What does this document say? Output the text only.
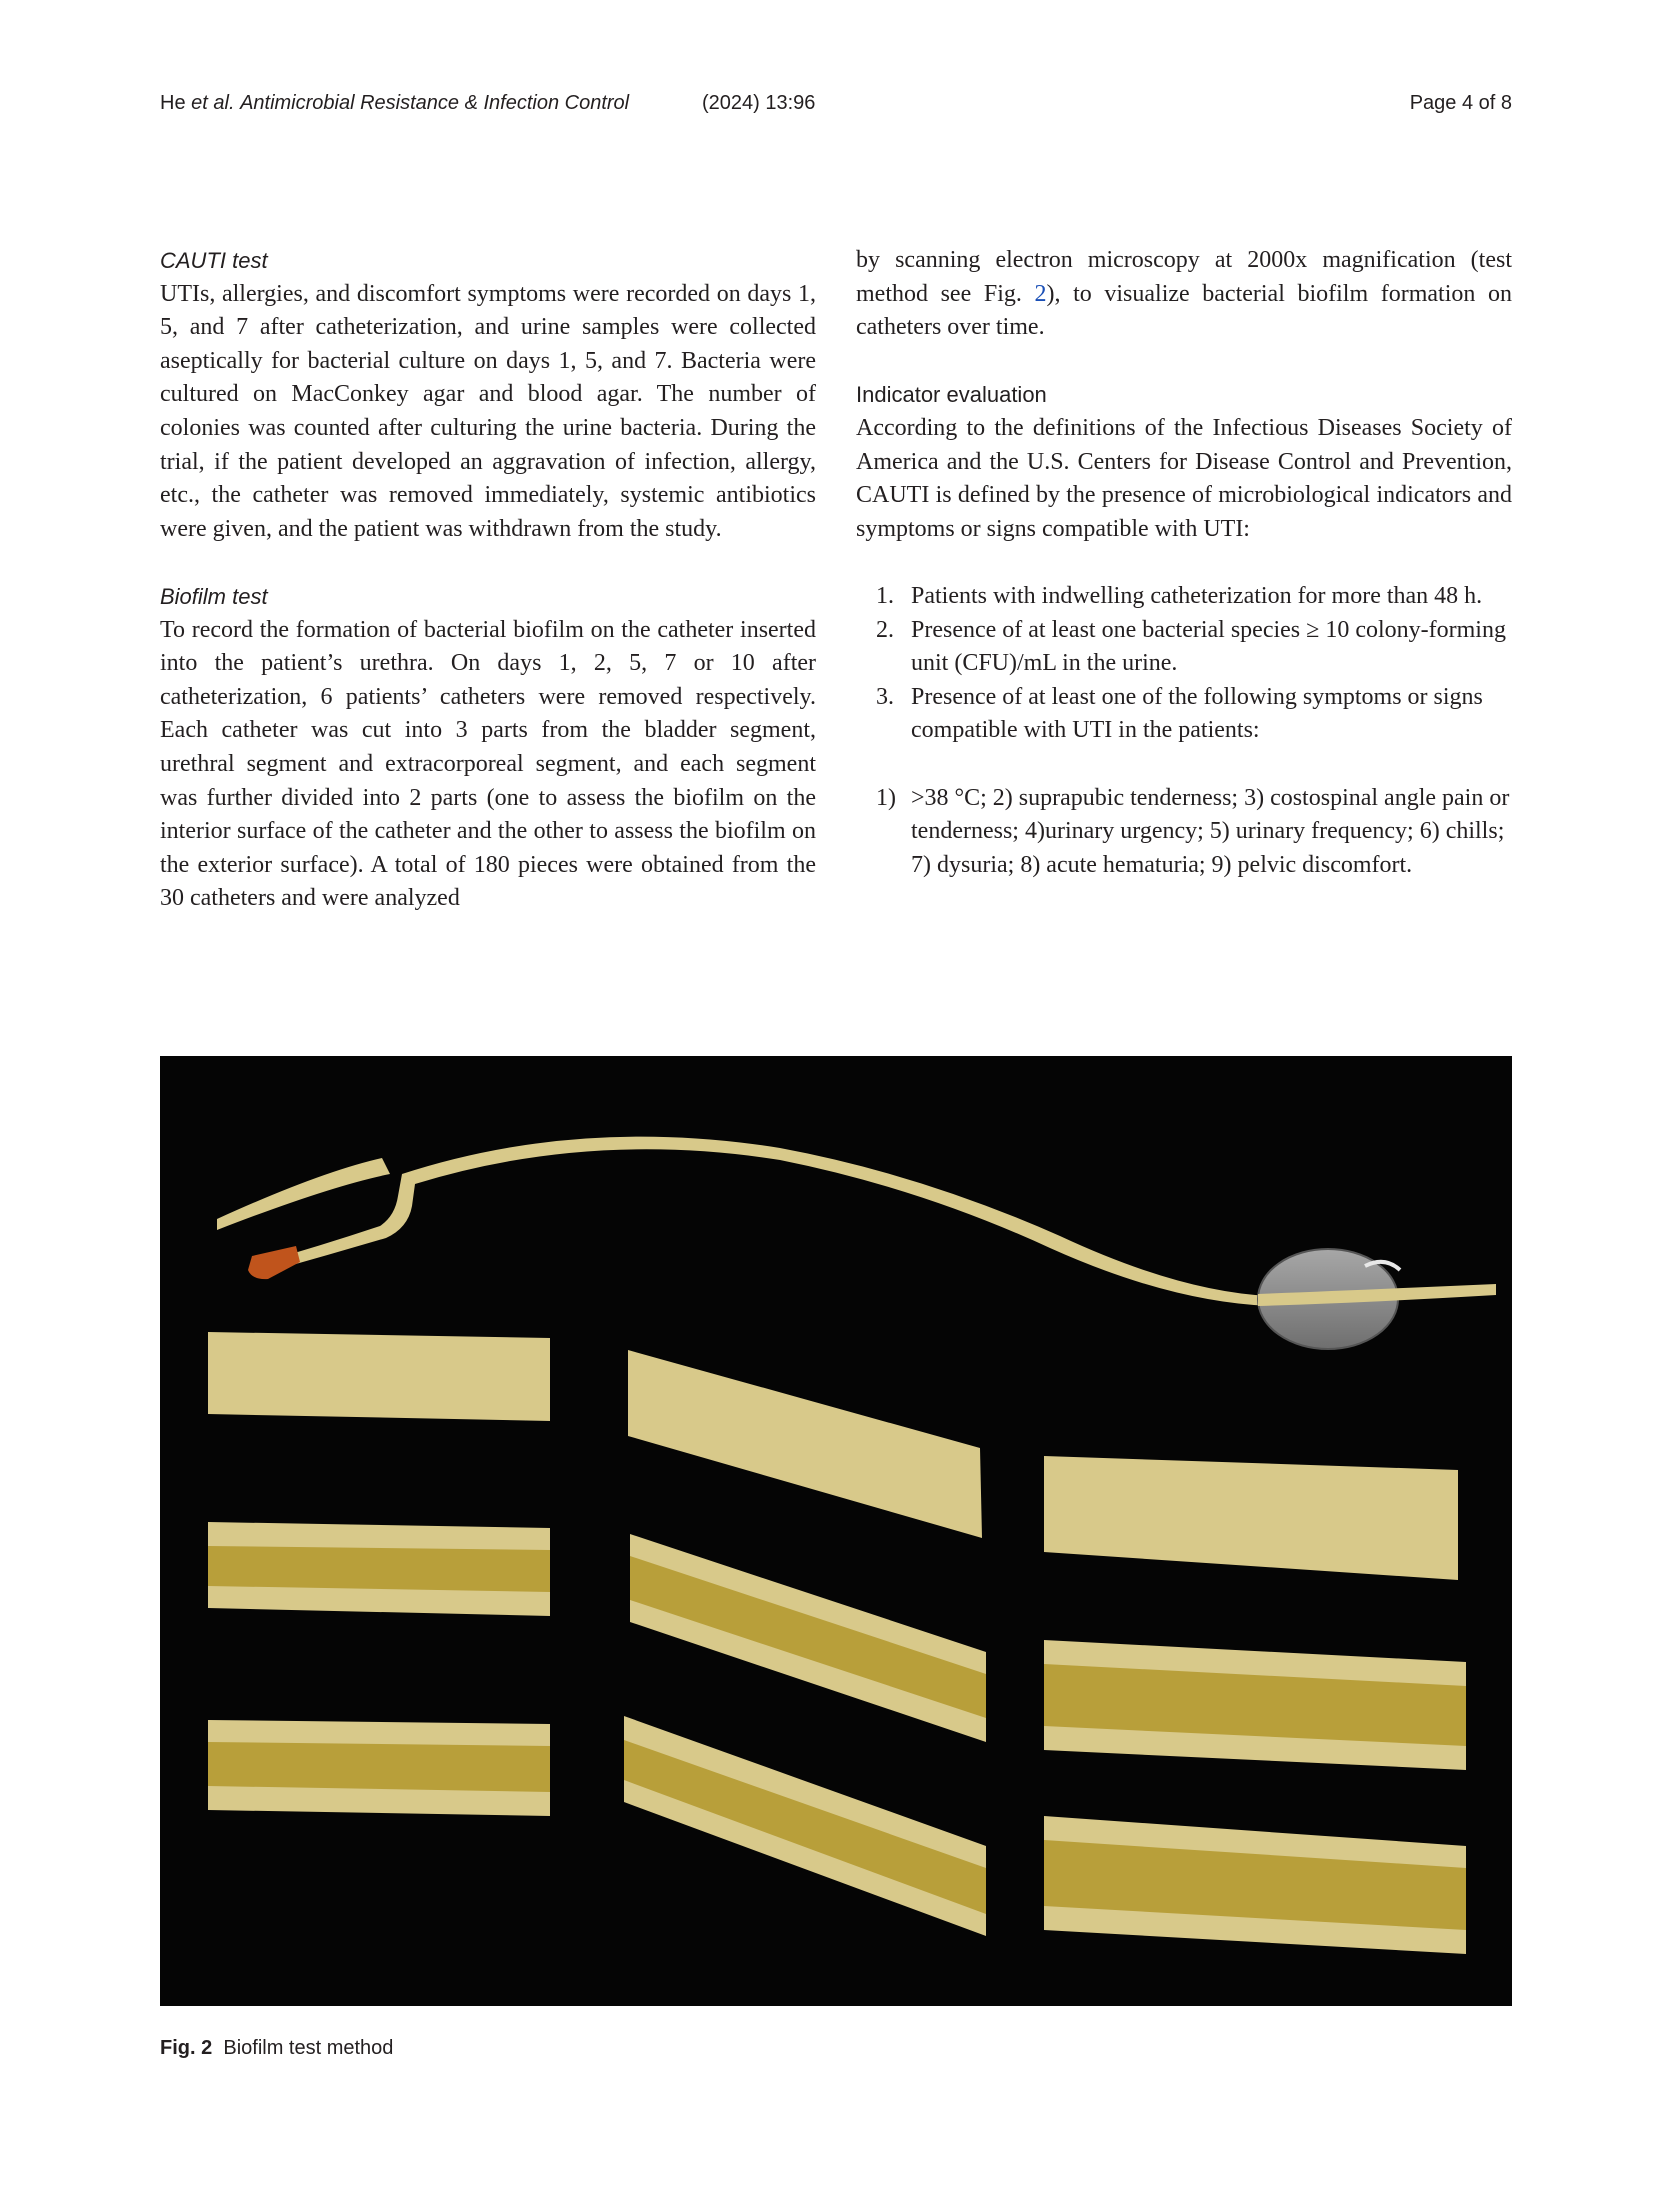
He et al. Antimicrobial Resistance & Infection Control	(2024) 13:96	Page 4 of 8
CAUTI test

UTIs, allergies, and discomfort symptoms were recorded on days 1, 5, and 7 after catheterization, and urine samples were collected aseptically for bacterial culture on days 1, 5, and 7. Bacteria were cultured on MacConkey agar and blood agar. The number of colonies was counted after culturing the urine bacteria. During the trial, if the patient developed an aggravation of infection, allergy, etc., the catheter was removed immediately, systemic antibiotics were given, and the patient was withdrawn from the study.

Biofilm test

To record the formation of bacterial biofilm on the catheter inserted into the patient’s urethra. On days 1, 2, 5, 7 or 10 after catheterization, 6 patients’ catheters were removed respectively. Each catheter was cut into 3 parts from the bladder segment, urethral segment and extracorporeal segment, and each segment was further divided into 2 parts (one to assess the biofilm on the interior surface of the catheter and the other to assess the biofilm on the exterior surface). A total of 180 pieces were obtained from the 30 catheters and were analyzed

by scanning electron microscopy at 2000x magnification (test method see Fig. 2), to visualize bacterial biofilm formation on catheters over time.

Indicator evaluation

According to the definitions of the Infectious Diseases Society of America and the U.S. Centers for Disease Control and Prevention, CAUTI is defined by the presence of microbiological indicators and symptoms or signs compatible with UTI:

1. Patients with indwelling catheterization for more than 48 h.
2. Presence of at least one bacterial species ≥ 10 colony-forming unit (CFU)/mL in the urine.
3. Presence of at least one of the following symptoms or signs compatible with UTI in the patients:
1) >38 °C; 2) suprapubic tenderness; 3) costospinal angle pain or tenderness; 4)urinary urgency; 5) urinary frequency; 6) chills; 7) dysuria; 8) acute hematuria; 9) pelvic discomfort.
Fig. 2 Biofilm test method
